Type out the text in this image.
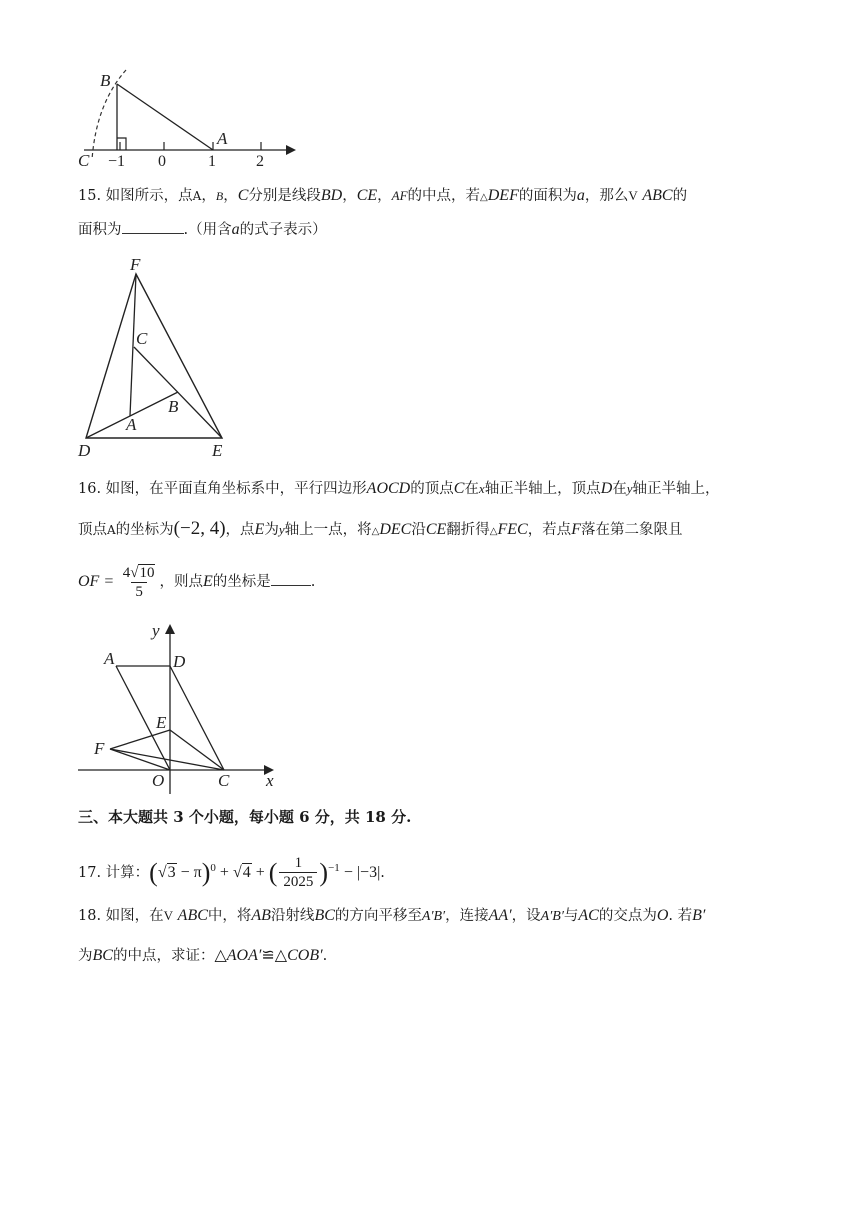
B
A
C −1 0	1	2
15. 如图所示，点A，B，C分别是线段BD，CE，AF的中点，若△DEF的面积为a，那么V ABC的
面积为	.（用含a的式子表示）
F
C
B
A
D	E
16. 如图，在平面直角坐标系中，平行四边形AOCD的顶点C在x轴正半轴上，顶点D在y轴正半轴上，
顶点A的坐标为(−2, 4)，点E为y轴上一点，将△DEC沿CE翻折得△FEC，若点F落在第二象限且
OF = $\frac{4√10}{5}$ ，则点E的坐标是	.
y
A	D
E
F
O	C x
三、本大题共 3 个小题，每小题 6 分，共 18 分.
17. 计算：$(√3 - \pi)^0 + √4$ + ( $\frac{1}{2025} )^{-1} - |-3|$.
18. 如图，在V ABC中，将AB沿射线BC的方向平移至A′B′，连接AA′，设A′B′与AC的交点为O. 若B′
为BC的中点，求证：△AOA′≌△COB′.
